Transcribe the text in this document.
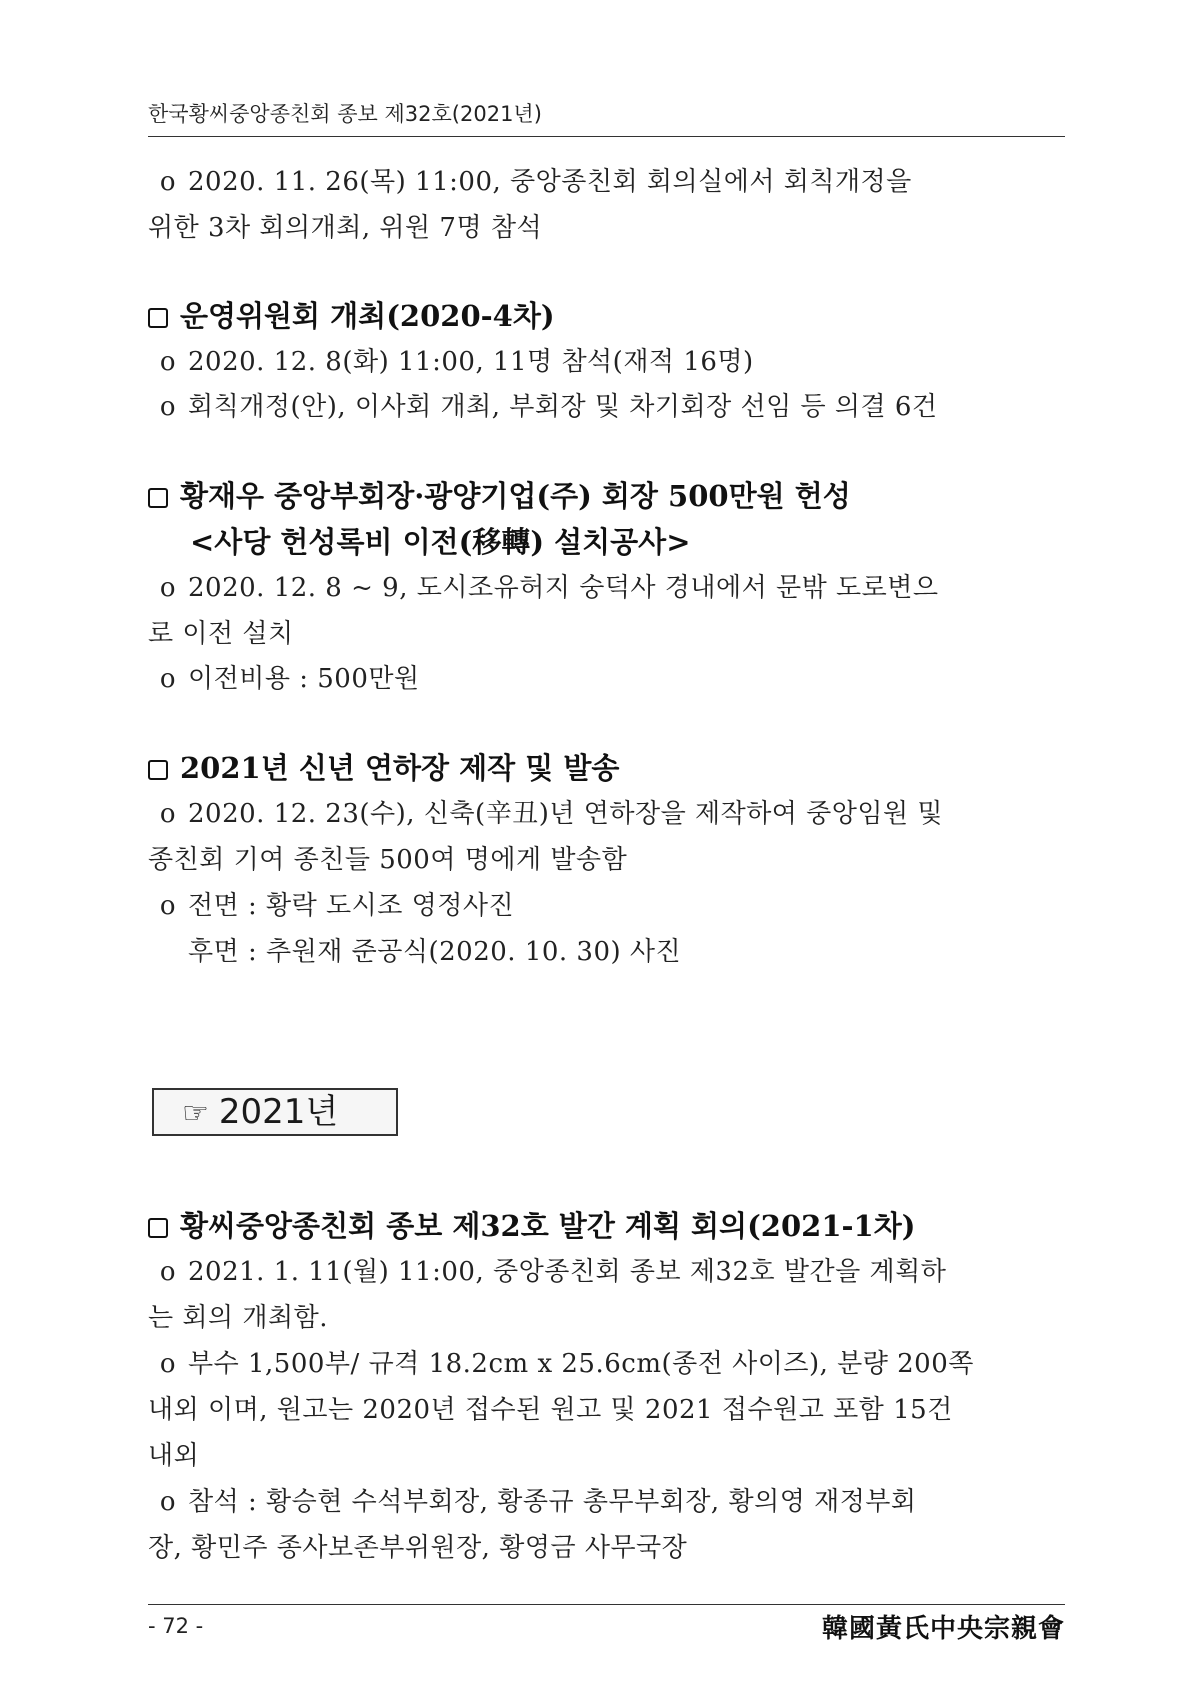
한국황씨중앙종친회 종보 제32호(2021년)
o 2020. 11. 26(목) 11:00, 중앙종친회 회의실에서 회칙개정을
위한 3차 회의개최, 위원 7명 참석
운영위원회 개최(2020-4차)
o 2020. 12. 8(화) 11:00, 11명 참석(재적 16명)
o 회칙개정(안), 이사회 개최, 부회장 및 차기회장 선임 등 의결 6건
황재우 중앙부회장·광양기업(주) 회장 500만원 헌성
<사당 헌성록비 이전(移轉) 설치공사>
o 2020. 12. 8 ~ 9, 도시조유허지 숭덕사 경내에서 문밖 도로변으
로 이전 설치
o 이전비용 : 500만원
2021년 신년 연하장 제작 및 발송
o 2020. 12. 23(수), 신축(辛丑)년 연하장을 제작하여 중앙임원 및
종친회 기여 종친들 500여 명에게 발송함
o 전면 : 황락 도시조 영정사진
후면 : 추원재 준공식(2020. 10. 30) 사진
☞ 2021년
황씨중앙종친회 종보 제32호 발간 계획 회의(2021-1차)
o 2021. 1. 11(월) 11:00, 중앙종친회 종보 제32호 발간을 계획하
는 회의 개최함.
o 부수 1,500부/ 규격 18.2cm x 25.6cm(종전 사이즈), 분량 200쪽
내외 이며, 원고는 2020년 접수된 원고 및 2021 접수원고 포함 15건
내외
o 참석 : 황승현 수석부회장, 황종규 총무부회장, 황의영 재정부회
장, 황민주 종사보존부위원장, 황영금 사무국장
- 72 -	韓國黃氏中央宗親會
